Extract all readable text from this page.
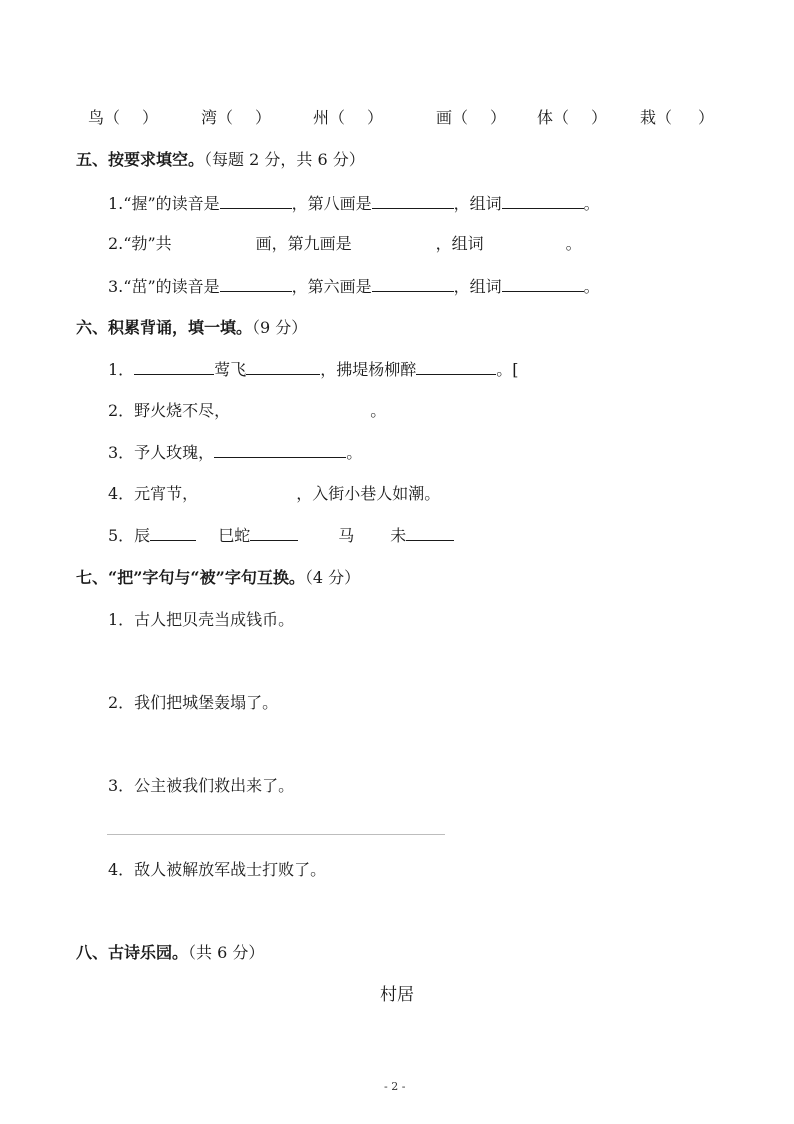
鸟（ ）	湾（ ）	州（ ）	画（ ） 体（ ） 栽（ ）
五、按要求填空。（每题 2 分，共 6 分）
1.“握”的读音是	，第八画是	，组词	。
2.“勃”共	画，第九画是	，组词	。
3.“茁”的读音是	，第六画是	，组词	。
六、积累背诵，填一填。（9 分）
1．	莺飞	，拂堤杨柳醉	。[
2．野火烧不尽，	。
3．予人玫瑰，	。
4．元宵节，	，入街小巷人如潮。
5．辰	巳蛇	马 未
七、“把”字句与“被”字句互换。（4 分）
1．古人把贝壳当成钱币。
2．我们把城堡轰塌了。
3．公主被我们救出来了。
4．敌人被解放军战士打败了。
八、古诗乐园。（共 6 分）
村居
- 2 -
